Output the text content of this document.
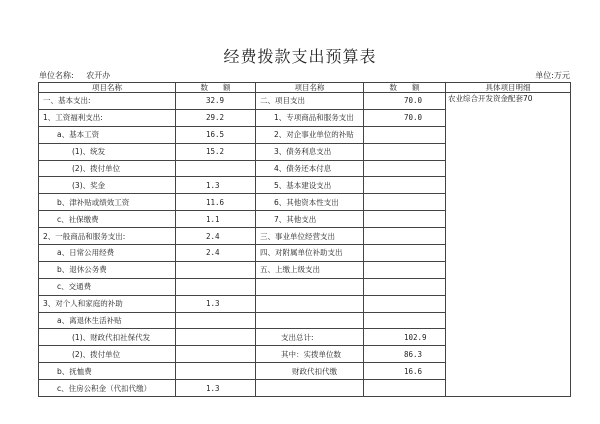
经费拨款支出预算表
单位名称: 农开办	单位:万元
项目名称	数　　额	项目名称	数　　额	具体项目明细
一、基本支出:	32.9	二、项目支出	70.0	农业综合开发资金配套70
1、工资福利支出:	29.2	1、专项商品和服务支出	70.0	
a、基本工资	16.5	2、对企事业单位的补贴		
(1)、统发	15.2	3、债务利息支出		
(2)、拨付单位		4、债务还本付息		
(3)、奖金	1.3	5、基本建设支出		
b、津补贴或绩效工资	11.6	6、其他资本性支出		
c、社保缴费	1.1	7、其他支出		
2、一般商品和服务支出:	2.4	三、事业单位经营支出		
a、日常公用经费	2.4	四、对附属单位补助支出		
b、退休公务费		五、上缴上级支出		
c、交通费				
3、对个人和家庭的补助	1.3			
a、离退休生活补贴				
(1)、财政代扣社保代发		支出总计:	102.9	
(2)、拨付单位		其中：实拨单位数	86.3	
b、抚恤费		财政代扣代缴	16.6	
c、住房公积金（代扣代缴）	1.3			
